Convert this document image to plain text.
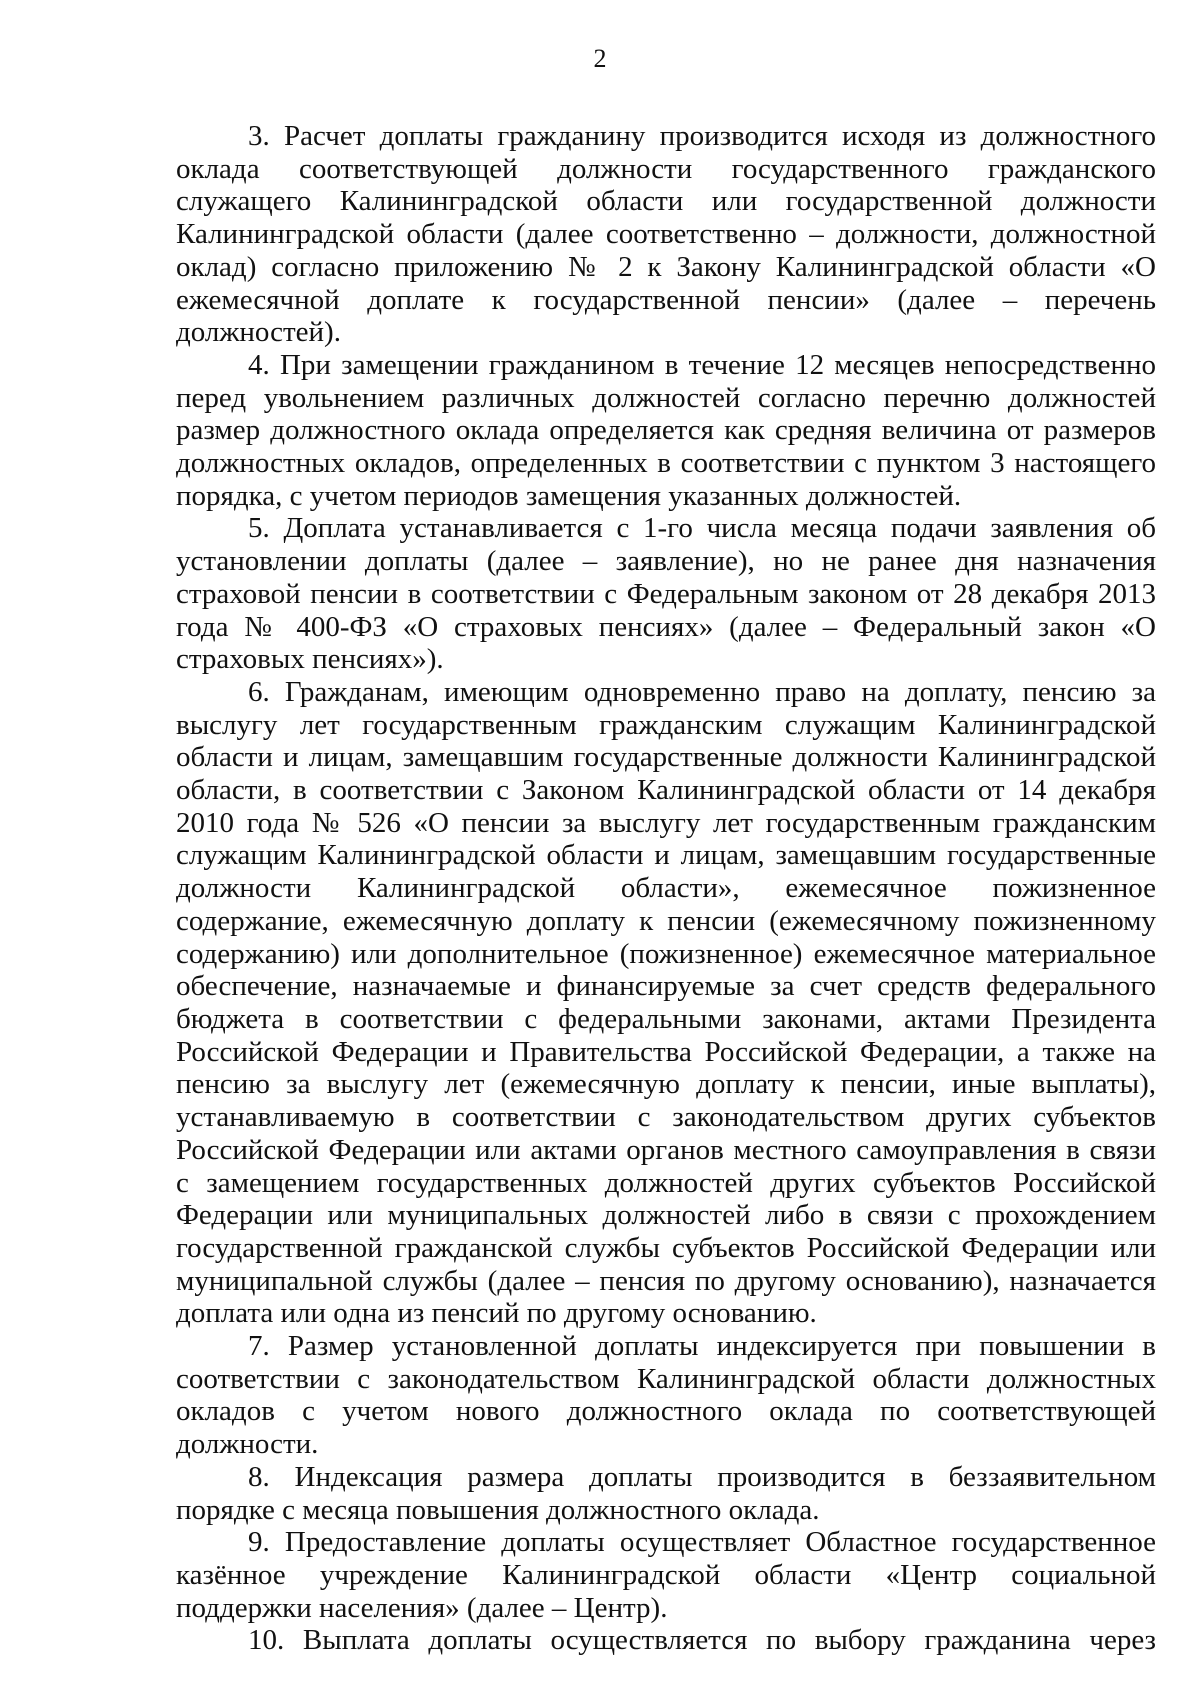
2

3. Расчет доплаты гражданину производится исходя из должностного оклада соответствующей должности государственного гражданского служащего Калининградской области или государственной должности Калининградской области (далее соответственно – должности, должностной оклад) согласно приложению № 2 к Закону Калининградской области «О ежемесячной доплате к государственной пенсии» (далее – перечень должностей).

4. При замещении гражданином в течение 12 месяцев непосредственно перед увольнением различных должностей согласно перечню должностей размер должностного оклада определяется как средняя величина от размеров должностных окладов, определенных в соответствии с пунктом 3 настоящего порядка, с учетом периодов замещения указанных должностей.

5. Доплата устанавливается с 1-го числа месяца подачи заявления об установлении доплаты (далее – заявление), но не ранее дня назначения страховой пенсии в соответствии с Федеральным законом от 28 декабря 2013 года № 400-ФЗ «О страховых пенсиях» (далее – Федеральный закон «О страховых пенсиях»).

6. Гражданам, имеющим одновременно право на доплату, пенсию за выслугу лет государственным гражданским служащим Калининградской области и лицам, замещавшим государственные должности Калининградской области, в соответствии с Законом Калининградской области от 14 декабря 2010 года № 526 «О пенсии за выслугу лет государственным гражданским служащим Калининградской области и лицам, замещавшим государственные должности Калининградской области», ежемесячное пожизненное содержание, ежемесячную доплату к пенсии (ежемесячному пожизненному содержанию) или дополнительное (пожизненное) ежемесячное материальное обеспечение, назначаемые и финансируемые за счет средств федерального бюджета в соответствии с федеральными законами, актами Президента Российской Федерации и Правительства Российской Федерации, а также на пенсию за выслугу лет (ежемесячную доплату к пенсии, иные выплаты), устанавливаемую в соответствии с законодательством других субъектов Российской Федерации или актами органов местного самоуправления в связи с замещением государственных должностей других субъектов Российской Федерации или муниципальных должностей либо в связи с прохождением государственной гражданской службы субъектов Российской Федерации или муниципальной службы (далее – пенсия по другому основанию), назначается доплата или одна из пенсий по другому основанию.

7. Размер установленной доплаты индексируется при повышении в соответствии с законодательством Калининградской области должностных окладов с учетом нового должностного оклада по соответствующей должности.

8. Индексация размера доплаты производится в беззаявительном порядке с месяца повышения должностного оклада.

9. Предоставление доплаты осуществляет Областное государственное казённое учреждение Калининградской области «Центр социальной поддержки населения» (далее – Центр).

10. Выплата доплаты осуществляется по выбору гражданина через
